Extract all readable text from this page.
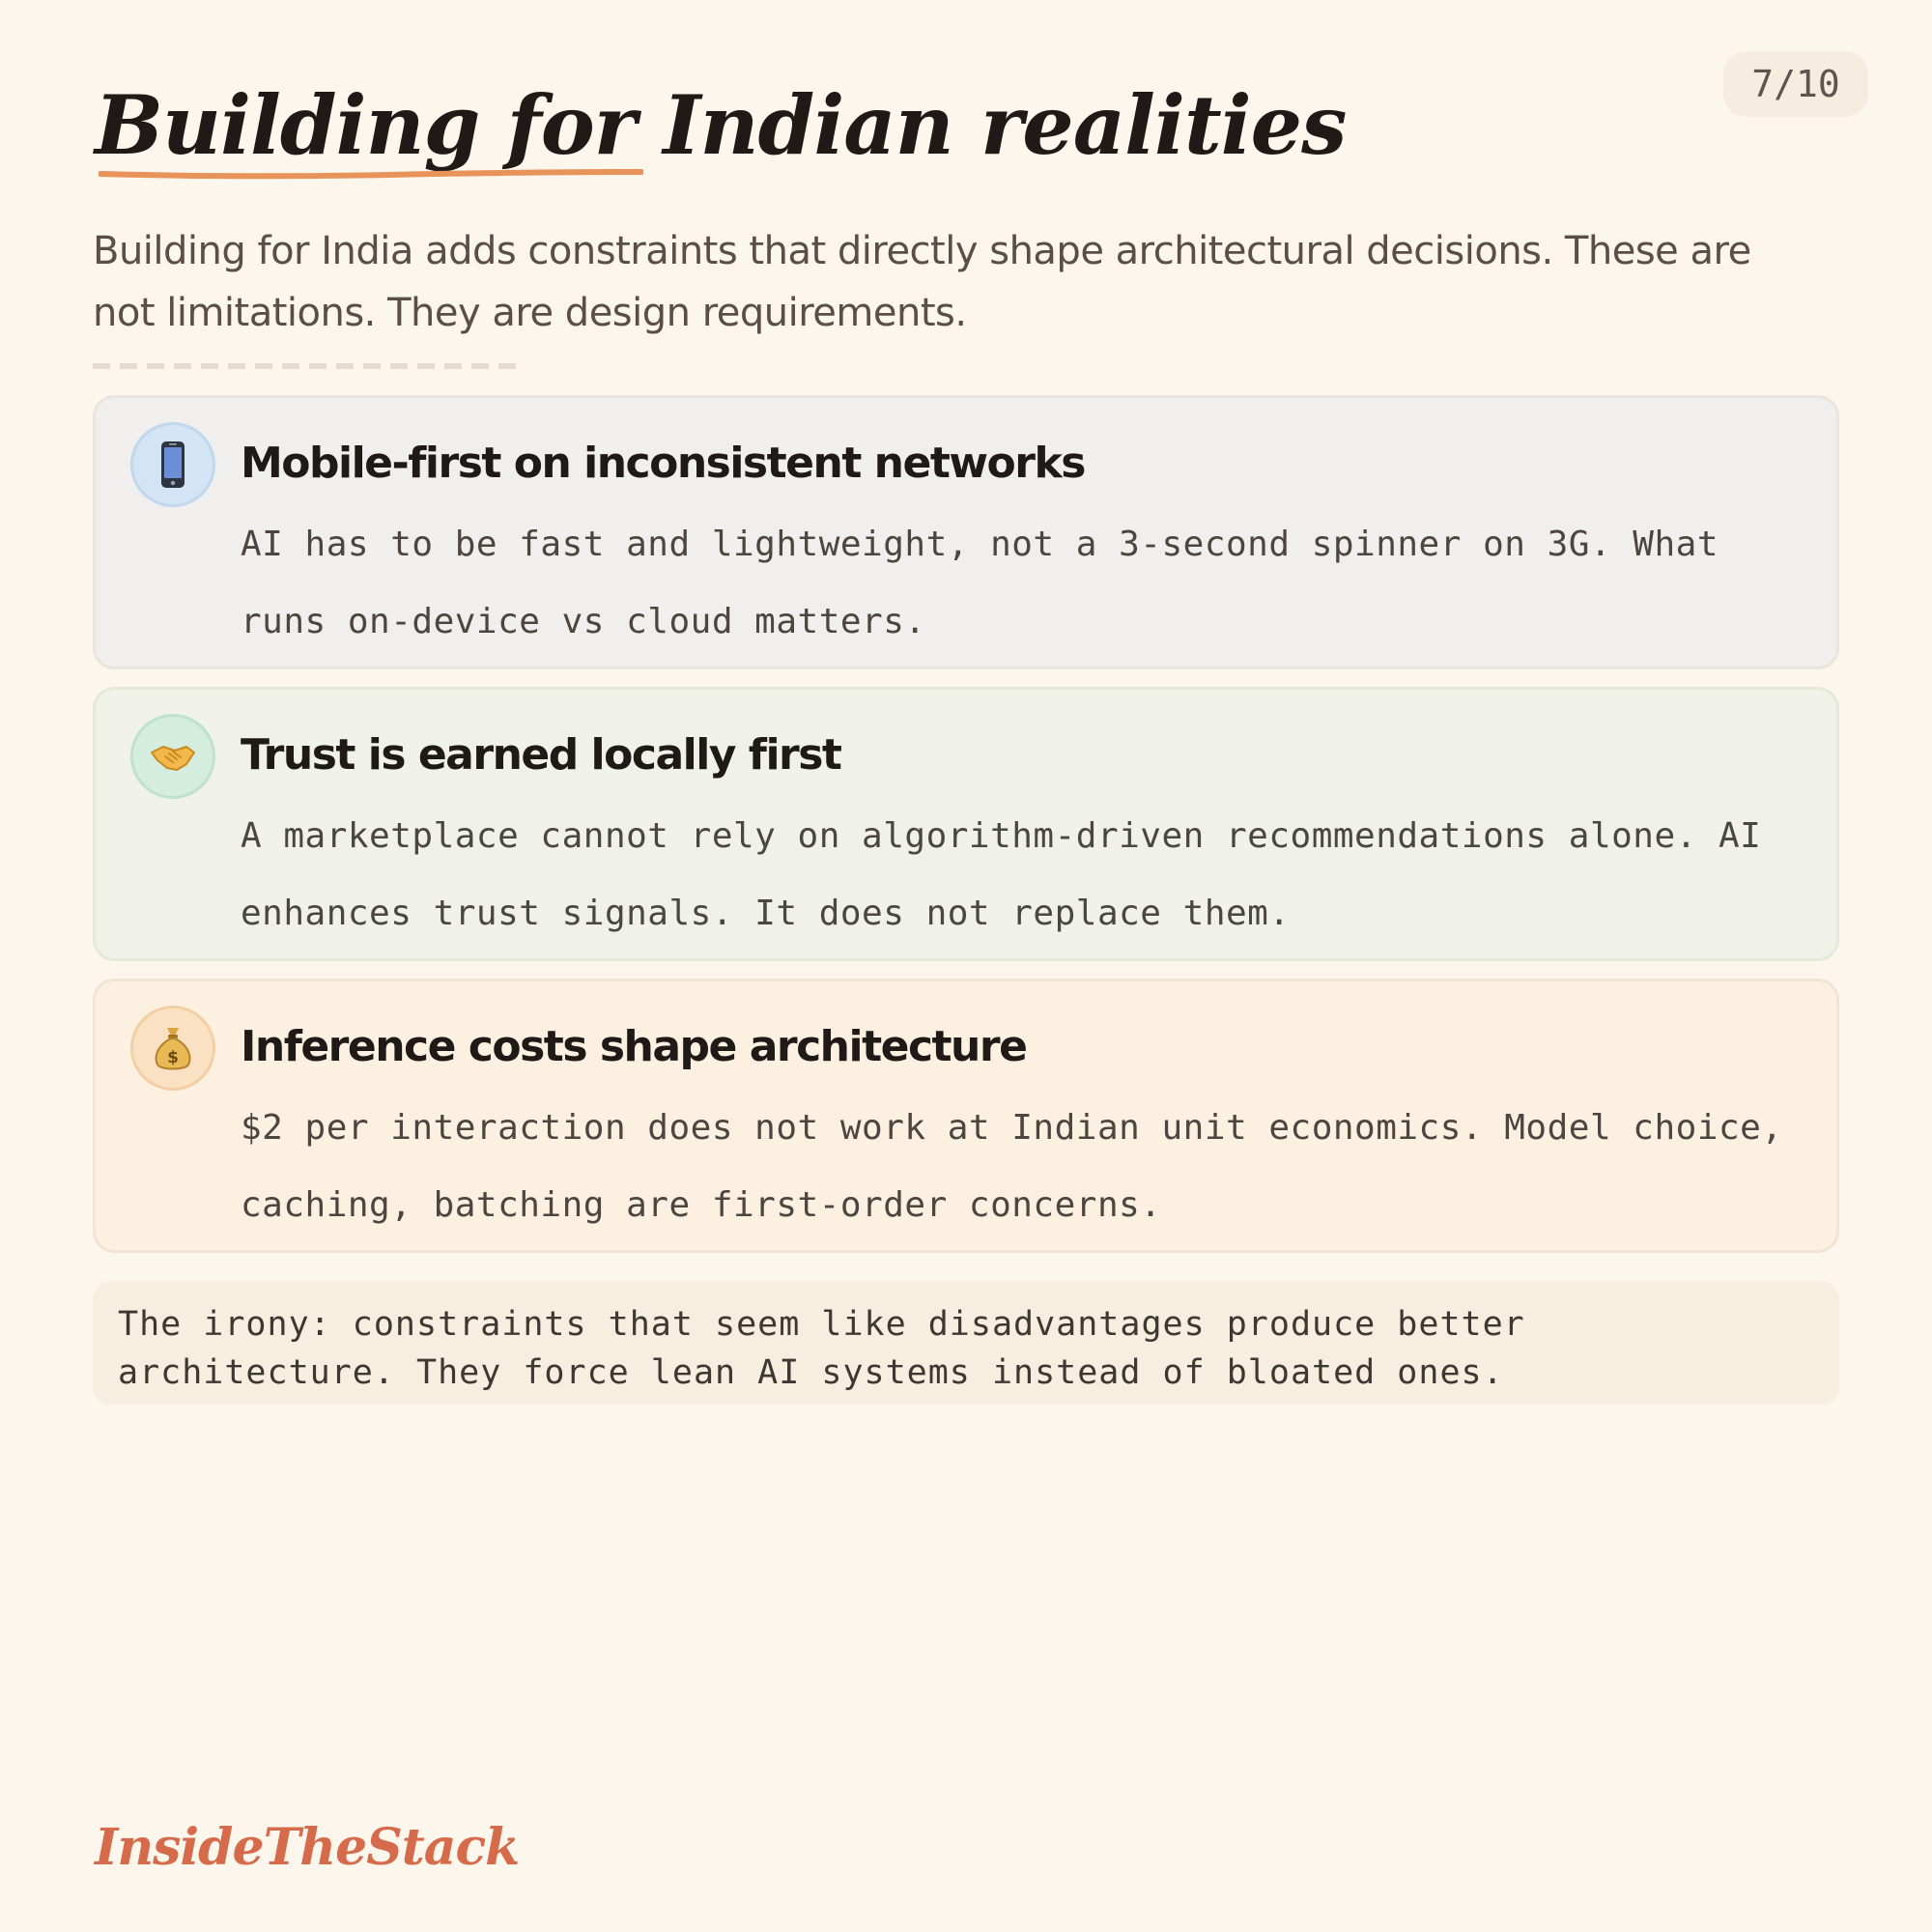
7/10
Building for Indian realities
Building for India adds constraints that directly shape architectural decisions. These are not limitations. They are design requirements.
Mobile-first on inconsistent networks
AI has to be fast and lightweight, not a 3-second spinner on 3G. What runs on-device vs cloud matters.
Trust is earned locally first
A marketplace cannot rely on algorithm-driven recommendations alone. AI enhances trust signals. It does not replace them.
$ Inference costs shape architecture
$2 per interaction does not work at Indian unit economics. Model choice, caching, batching are first-order concerns.
The irony: constraints that seem like disadvantages produce better architecture. They force lean AI systems instead of bloated ones.
InsideTheStack
